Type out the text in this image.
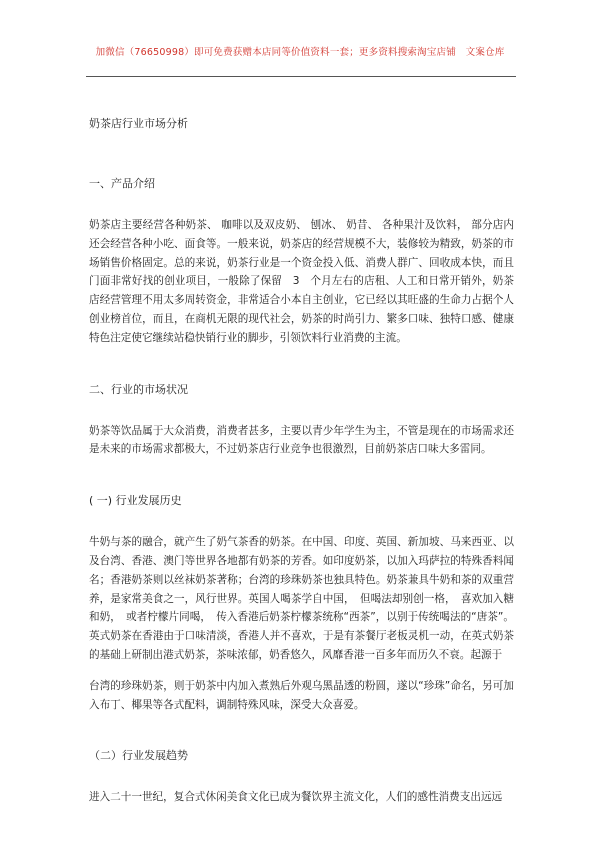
加微信（76650998）即可免费获赠本店同等价值资料一套；更多资料搜索淘宝店铺　文案仓库

奶茶店行业市场分析

一、产品介绍

奶茶店主要经营各种奶茶、 咖啡以及双皮奶、 刨冰、 奶昔、 各种果汁及饮料， 部分店内还会经营各种小吃、面食等。一般来说，奶茶店的经营规模不大，装修较为精致，奶茶的市场销售价格固定。总的来说，奶茶行业是一个资金投入低、消费人群广、回收成本快，而且门面非常好找的创业项目，一般除了保留　3　个月左右的店租、人工和日常开销外，奶茶店经营管理不用太多周转资金，非常适合小本自主创业，它已经以其旺盛的生命力占据个人创业榜首位，而且，在商机无限的现代社会，奶茶的时尚引力、繁多口味、独特口感、健康特色注定使它继续站稳快销行业的脚步，引领饮料行业消费的主流。

二、行业的市场状况

奶茶等饮品属于大众消费，消费者甚多，主要以青少年学生为主，不管是现在的市场需求还是未来的市场需求都极大，不过奶茶店行业竞争也很激烈，目前奶茶店口味大多雷同。

( 一) 行业发展历史

牛奶与茶的融合，就产生了奶气茶香的奶茶。在中国、印度、英国、新加坡、马来西亚、以及台湾、香港、澳门等世界各地都有奶茶的芳香。如印度奶茶，以加入玛萨拉的特殊香料闻名；香港奶茶则以丝袜奶茶著称；台湾的珍珠奶茶也独具特色。奶茶兼具牛奶和茶的双重营养，是家常美食之一，风行世界。英国人喝茶学自中国，　但喝法却别创一格，　喜欢加入糖和奶，　或者柠檬片同喝，　传入香港后奶茶柠檬茶统称“西茶”，以别于传统喝法的“唐茶”。英式奶茶在香港由于口味清淡，香港人并不喜欢，于是有茶餐厅老板灵机一动，在英式奶茶的基础上研制出港式奶茶，茶味浓郁，奶香悠久，风靡香港一百多年而历久不衰。起源于

台湾的珍珠奶茶，则于奶茶中内加入煮熟后外观乌黑晶透的粉圆，遂以“珍珠”命名，另可加入布丁、椰果等各式配料，调制特殊风味，深受大众喜爱。

（二）行业发展趋势

进入二十一世纪，复合式休闲美食文化已成为餐饮界主流文化，人们的感性消费支出远远
